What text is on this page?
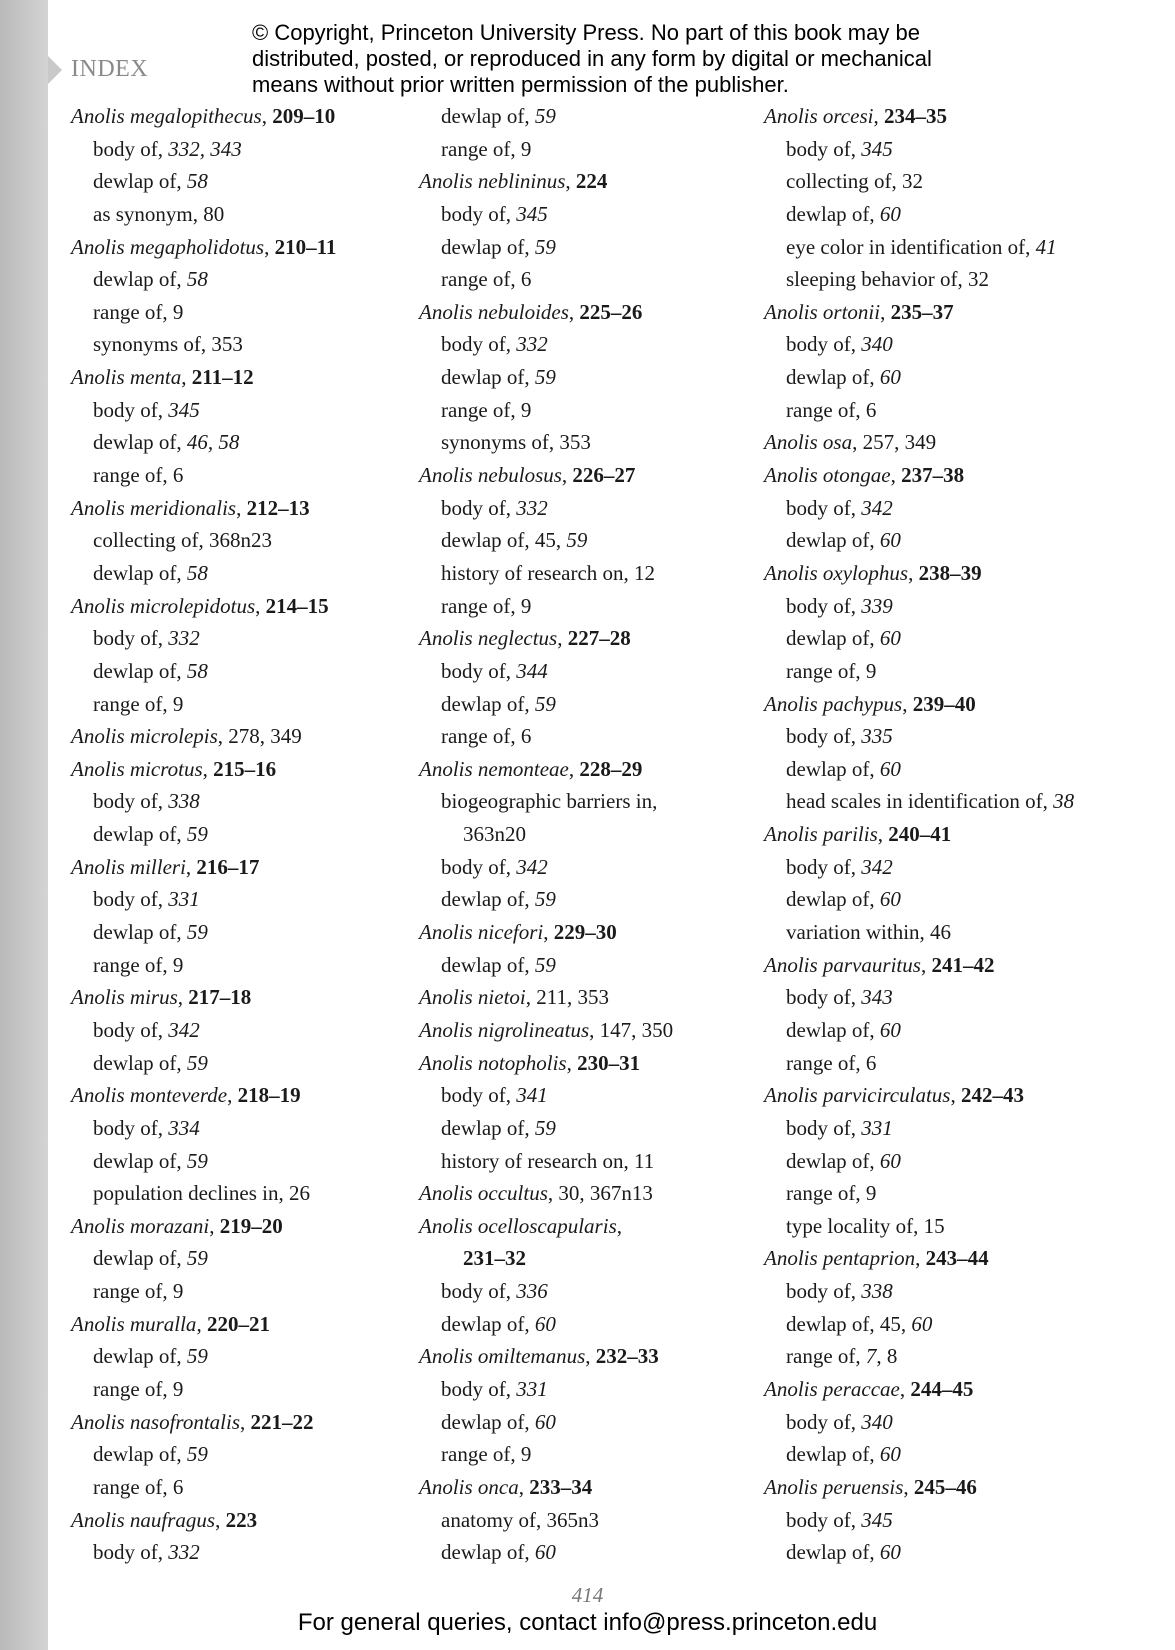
INDEX
© Copyright, Princeton University Press. No part of this book may be
distributed, posted, or reproduced in any form by digital or mechanical
means without prior written permission of the publisher.
Anolis megalopithecus, 209–10
body of, 332, 343
dewlap of, 58
as synonym, 80
Anolis megapholidotus, 210–11
dewlap of, 58
range of, 9
synonyms of, 353
Anolis menta, 211–12
body of, 345
dewlap of, 46, 58
range of, 6
Anolis meridionalis, 212–13
collecting of, 368n23
dewlap of, 58
Anolis microlepidotus, 214–15
body of, 332
dewlap of, 58
range of, 9
Anolis microlepis, 278, 349
Anolis microtus, 215–16
body of, 338
dewlap of, 59
Anolis milleri, 216–17
body of, 331
dewlap of, 59
range of, 9
Anolis mirus, 217–18
body of, 342
dewlap of, 59
Anolis monteverde, 218–19
body of, 334
dewlap of, 59
population declines in, 26
Anolis morazani, 219–20
dewlap of, 59
range of, 9
Anolis muralla, 220–21
dewlap of, 59
range of, 9
Anolis nasofrontalis, 221–22
dewlap of, 59
range of, 6
Anolis naufragus, 223
body of, 332
dewlap of, 59
range of, 9
Anolis neblininus, 224
body of, 345
dewlap of, 59
range of, 6
Anolis nebuloides, 225–26
body of, 332
dewlap of, 59
range of, 9
synonyms of, 353
Anolis nebulosus, 226–27
body of, 332
dewlap of, 45, 59
history of research on, 12
range of, 9
Anolis neglectus, 227–28
body of, 344
dewlap of, 59
range of, 6
Anolis nemonteae, 228–29
biogeographic barriers in,
363n20
body of, 342
dewlap of, 59
Anolis nicefori, 229–30
dewlap of, 59
Anolis nietoi, 211, 353
Anolis nigrolineatus, 147, 350
Anolis notopholis, 230–31
body of, 341
dewlap of, 59
history of research on, 11
Anolis occultus, 30, 367n13
Anolis ocelloscapularis,
231–32
body of, 336
dewlap of, 60
Anolis omiltemanus, 232–33
body of, 331
dewlap of, 60
range of, 9
Anolis onca, 233–34
anatomy of, 365n3
dewlap of, 60
Anolis orcesi, 234–35
body of, 345
collecting of, 32
dewlap of, 60
eye color in identification of, 41
sleeping behavior of, 32
Anolis ortonii, 235–37
body of, 340
dewlap of, 60
range of, 6
Anolis osa, 257, 349
Anolis otongae, 237–38
body of, 342
dewlap of, 60
Anolis oxylophus, 238–39
body of, 339
dewlap of, 60
range of, 9
Anolis pachypus, 239–40
body of, 335
dewlap of, 60
head scales in identification of, 38
Anolis parilis, 240–41
body of, 342
dewlap of, 60
variation within, 46
Anolis parvauritus, 241–42
body of, 343
dewlap of, 60
range of, 6
Anolis parvicirculatus, 242–43
body of, 331
dewlap of, 60
range of, 9
type locality of, 15
Anolis pentaprion, 243–44
body of, 338
dewlap of, 45, 60
range of, 7, 8
Anolis peraccae, 244–45
body of, 340
dewlap of, 60
Anolis peruensis, 245–46
body of, 345
dewlap of, 60
414
For general queries, contact info@press.princeton.edu
